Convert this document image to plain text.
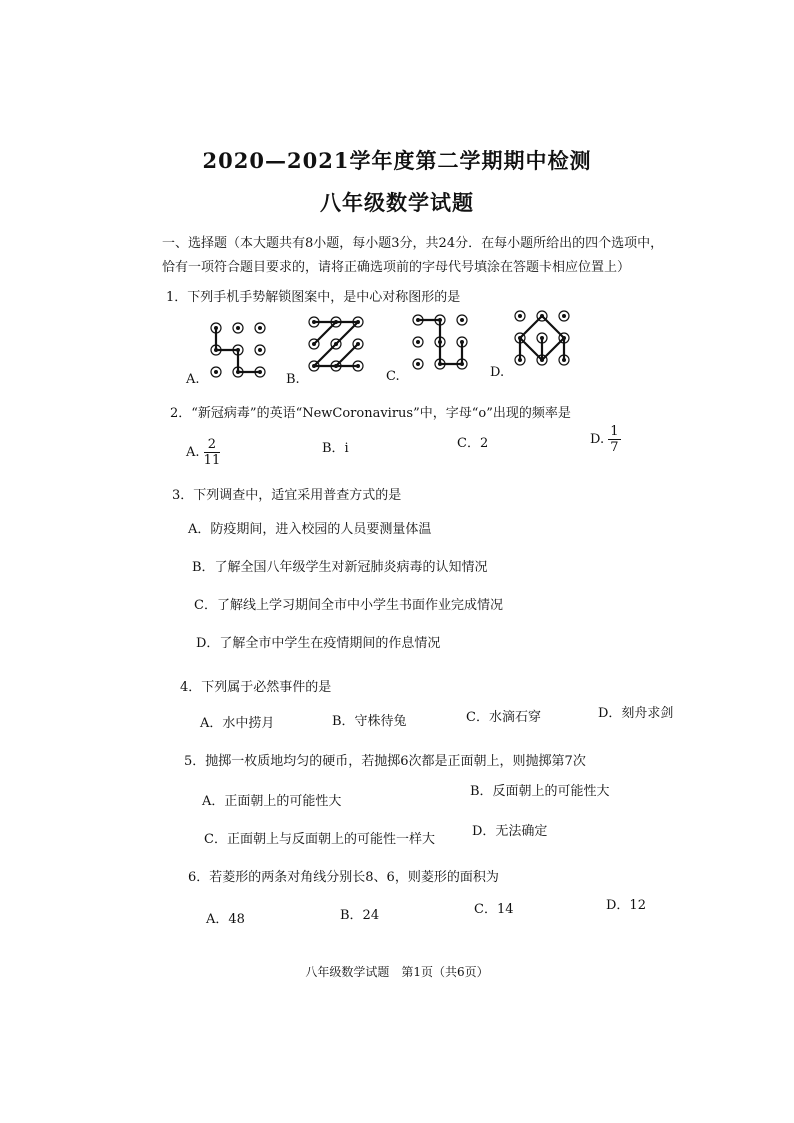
2020—2021学年度第二学期期中检测
八年级数学试题
一、选择题（本大题共有8小题，每小题3分，共24分．在每小题所给出的四个选项中，
恰有一项符合题目要求的，请将正确选项前的字母代号填涂在答题卡相应位置上）
1．下列手机手势解锁图案中，是中心对称图形的是
A.	B.	C.	D.
2．“新冠病毒”的英语“NewCoronavirus”中，字母“o”出现的频率是
A. $\frac{2}{11}$	B．i	C．2	D. $\frac{1}{7}$
3．下列调查中，适宜采用普查方式的是
A．防疫期间，进入校园的人员要测量体温
B．了解全国八年级学生对新冠肺炎病毒的认知情况
C．了解线上学习期间全市中小学生书面作业完成情况
D．了解全市中学生在疫情期间的作息情况
4．下列属于必然事件的是
A．水中捞月	B．守株待兔	C．水滴石穿	D．刻舟求剑
5．抛掷一枚质地均匀的硬币，若抛掷6次都是正面朝上，则抛掷第7次
A．正面朝上的可能性大
B．反面朝上的可能性大
C．正面朝上与反面朝上的可能性一样大
D．无法确定
6．若菱形的两条对角线分别长8、6，则菱形的面积为
A．48	B．24	C．14	D．12
八年级数学试题　第1页（共6页）
